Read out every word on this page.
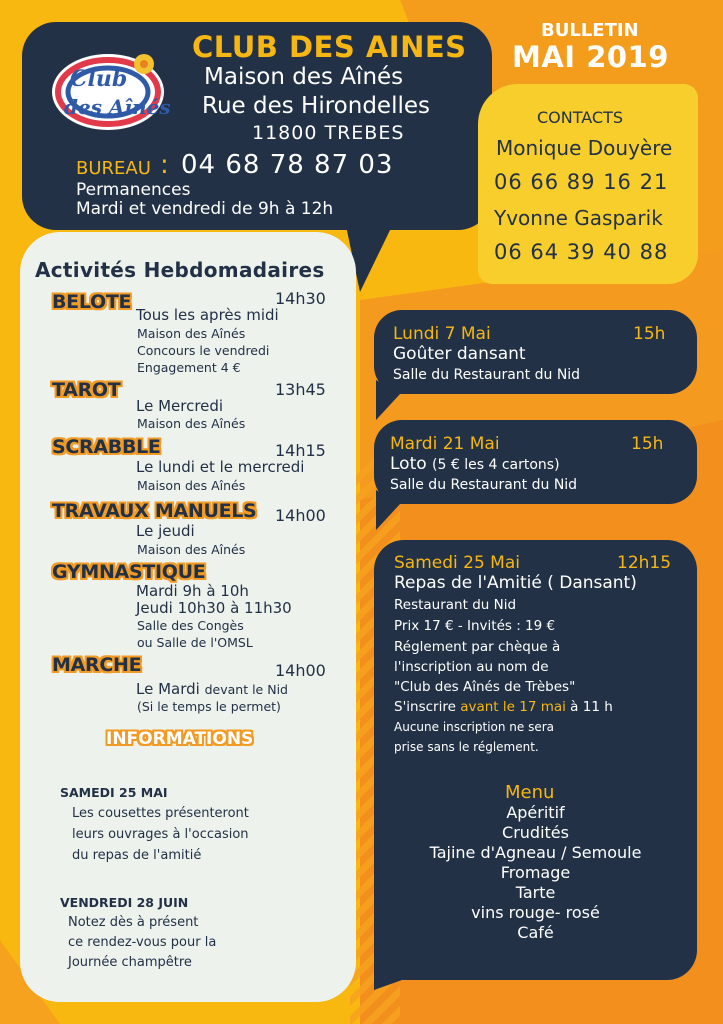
Club
des Aînés
CLUB DES AINES
Maison des Aînés
Rue des Hirondelles
11800 TREBES
BUREAU : 04 68 78 87 03
Permanences
Mardi et vendredi de 9h à 12h
BULLETIN
MAI 2019
CONTACTS
Monique Douyère
06 66 89 16 21
Yvonne Gasparik
06 64 39 40 88
Activités Hebdomadaires
BELOTE	14h30
Tous les après midi
Maison des Aînés
Concours le vendredi
Engagement 4 €
TAROT	13h45
Le Mercredi
Maison des Aînés
SCRABBLE	14h15
Le lundi et le mercredi
Maison des Aînés
TRAVAUX MANUELS 14h00
Le jeudi
Maison des Aînés
GYMNASTIQUE
Mardi 9h à 10h
Jeudi 10h30 à 11h30
Salle des Congès
ou Salle de l'OMSL
MARCHE	14h00
Le Mardi devant le Nid
(Si le temps le permet)
INFORMATIONS
SAMEDI 25 MAI
Les cousettes présenteront
leurs ouvrages à l'occasion
du repas de l'amitié
VENDREDI 28 JUIN
Notez dès à présent
ce rendez-vous pour la
Journée champêtre
Lundi 7 Mai	15h
Goûter dansant
Salle du Restaurant du Nid
Mardi 21 Mai	15h
Loto (5 € les 4 cartons)
Salle du Restaurant du Nid
Samedi 25 Mai	12h15
Repas de l'Amitié ( Dansant)
Restaurant du Nid
Prix 17 € - Invités : 19 €
Réglement par chèque à
l'inscription au nom de
"Club des Aînés de Trèbes"
S'inscrire avant le 17 mai à 11 h
Aucune inscription ne sera
prise sans le réglement.
Menu
Apéritif
Crudités
Tajine d'Agneau / Semoule
Fromage
Tarte
vins rouge- rosé
Café
